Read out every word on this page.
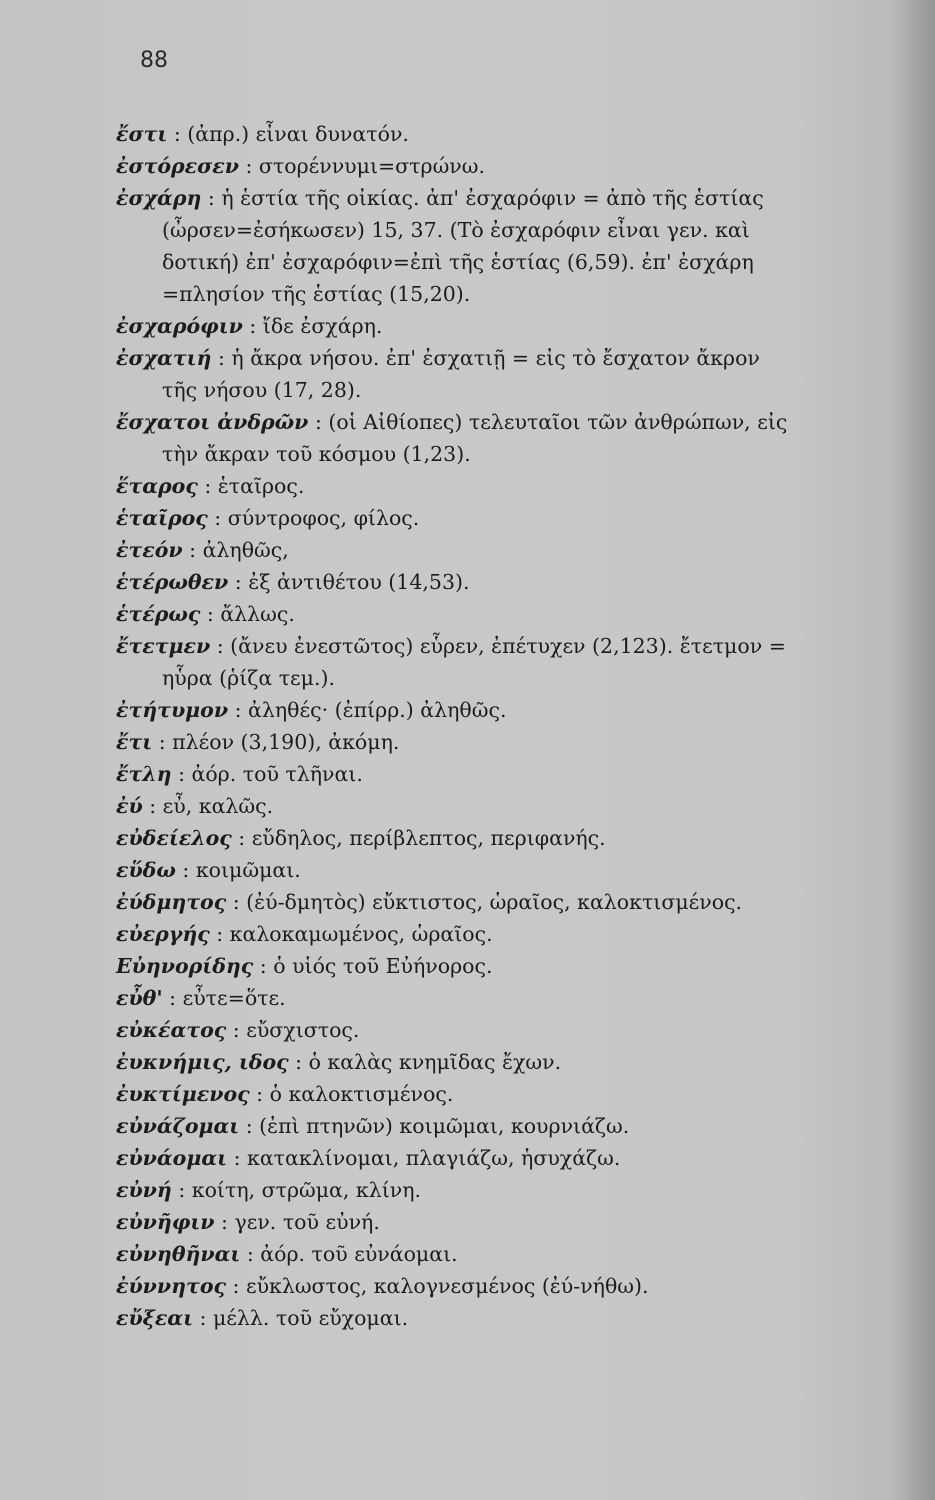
88
ἔστι : (ἀπρ.) εἶναι δυνατόν.
ἐστόρεσεν : στορέννυμι=στρώνω.
ἐσχάρη : ἡ ἑστία τῆς οἰκίας. ἀπ' ἐσχαρόφιν = ἀπὸ τῆς ἑστίας
(ὦρσεν=ἐσήκωσεν) 15, 37. (Τὸ ἐσχαρόφιν εἶναι γεν. καὶ
δοτική) ἐπ' ἐσχαρόφιν=ἐπὶ τῆς ἑστίας (6,59). ἐπ' ἐσχάρη
=πλησίον τῆς ἑστίας (15,20).
ἐσχαρόφιν : ἴδε ἐσχάρη.
ἐσχατιή : ἡ ἄκρα νήσου. ἐπ' ἐσχατιῇ = εἰς τὸ ἔσχατον ἄκρον
τῆς νήσου (17, 28).
ἔσχατοι ἀνδρῶν : (οἱ Αἰθίοπες) τελευταῖοι τῶν ἀνθρώπων, εἰς
τὴν ἄκραν τοῦ κόσμου (1,23).
ἕταρος : ἑταῖρος.
ἑταῖρος : σύντροφος, φίλος.
ἐτεόν : ἀληθῶς,
ἑτέρωθεν : ἐξ ἀντιθέτου (14,53).
ἑτέρως : ἄλλως.
ἔτετμεν : (ἄνευ ἐνεστῶτος) εὗρεν, ἐπέτυχεν (2,123). ἔτετμον =
ηὗρα (ῥίζα τεμ.).
ἐτήτυμον : ἀληθές· (ἐπίρρ.) ἀληθῶς.
ἔτι : πλέον (3,190), ἀκόμη.
ἔτλη : ἀόρ. τοῦ τλῆναι.
ἐύ : εὖ, καλῶς.
εὐδείελος : εὔδηλος, περίβλεπτος, περιφανής.
εὕδω : κοιμῶμαι.
ἐύδμητος : (ἐύ-δμητὸς) εὔκτιστος, ὡραῖος, καλοκτισμένος.
εὐεργής : καλοκαμωμένος, ὡραῖος.
Εὐηνορίδης : ὁ υἱός τοῦ Εὐήνορος.
εὖθ' : εὖτε=ὅτε.
εὐκέατος : εὔσχιστος.
ἐυκνήμις, ιδος : ὁ καλὰς κνημῖδας ἔχων.
ἐυκτίμενος : ὁ καλοκτισμένος.
εὐνάζομαι : (ἐπὶ πτηνῶν) κοιμῶμαι, κουρνιάζω.
εὐνάομαι : κατακλίνομαι, πλαγιάζω, ἡσυχάζω.
εὐνή : κοίτη, στρῶμα, κλίνη.
εὐνῆφιν : γεν. τοῦ εὐνή.
εὐνηθῆναι : ἀόρ. τοῦ εὐνάομαι.
ἐύννητος : εὔκλωστος, καλογνεσμένος (ἐύ-νήθω).
εὔξεαι : μέλλ. τοῦ εὔχομαι.
